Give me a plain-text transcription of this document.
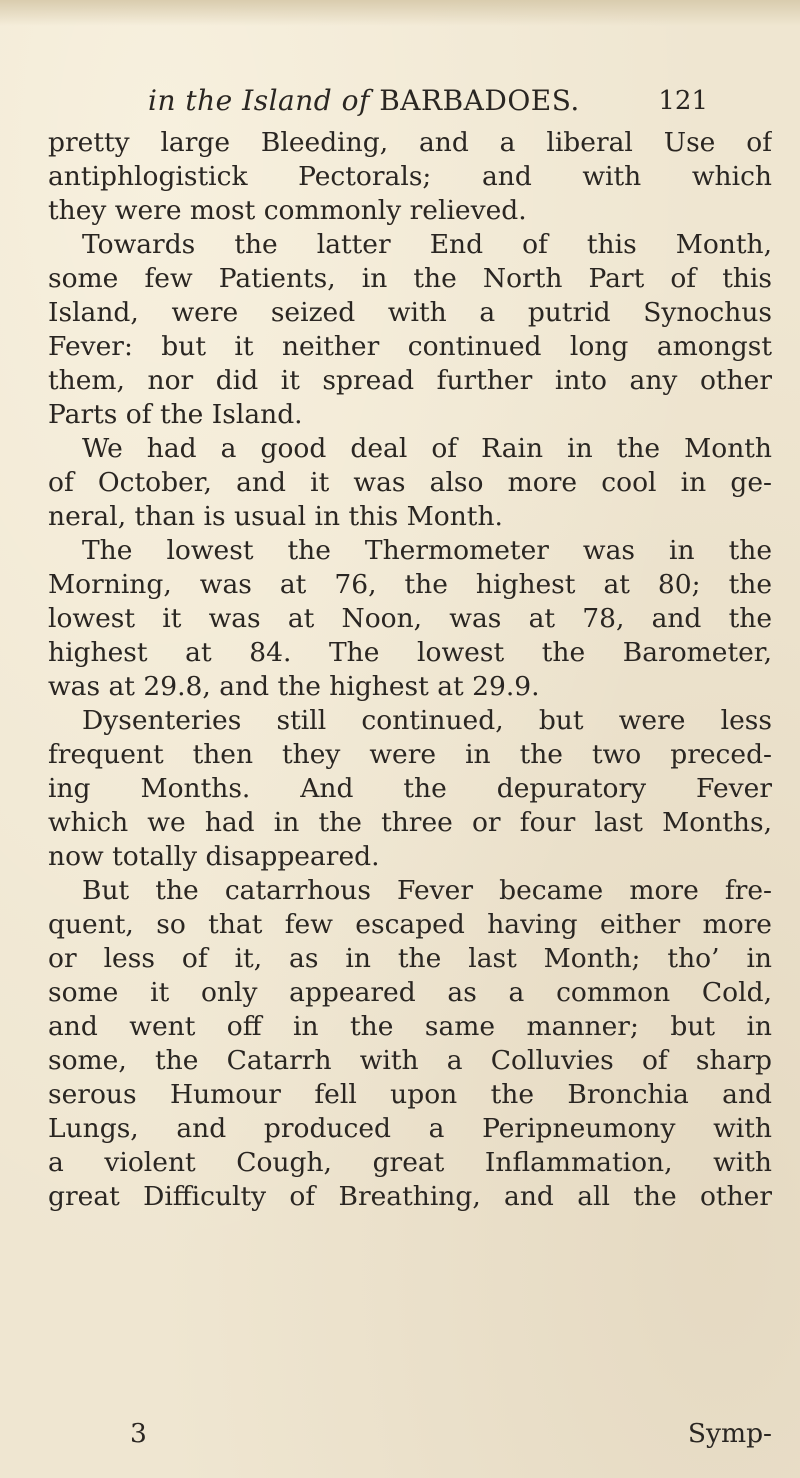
in the Island of BARBADOES.	121
pretty large Bleeding, and a liberal Use of
antiphlogistick Pectorals; and with which
they were most commonly relieved.
Towards the latter End of this Month,
some few Patients, in the North Part of this
Island, were seized with a putrid Synochus
Fever: but it neither continued long amongst
them, nor did it spread further into any other
Parts of the Island.
We had a good deal of Rain in the Month
of October, and it was also more cool in ge-
neral, than is usual in this Month.
The lowest the Thermometer was in the
Morning, was at 76, the highest at 80; the
lowest it was at Noon, was at 78, and the
highest at 84. The lowest the Barometer,
was at 29.8, and the highest at 29.9.
Dysenteries still continued, but were less
frequent then they were in the two preced-
ing Months. And the depuratory Fever
which we had in the three or four last Months,
now totally disappeared.
But the catarrhous Fever became more fre-
quent, so that few escaped having either more
or less of it, as in the last Month; tho’ in
some it only appeared as a common Cold,
and went off in the same manner; but in
some, the Catarrh with a Colluvies of sharp
serous Humour fell upon the Bronchia and
Lungs, and produced a Peripneumony with
a violent Cough, great Inflammation, with
great Difficulty of Breathing, and all the other
3	Symp-
